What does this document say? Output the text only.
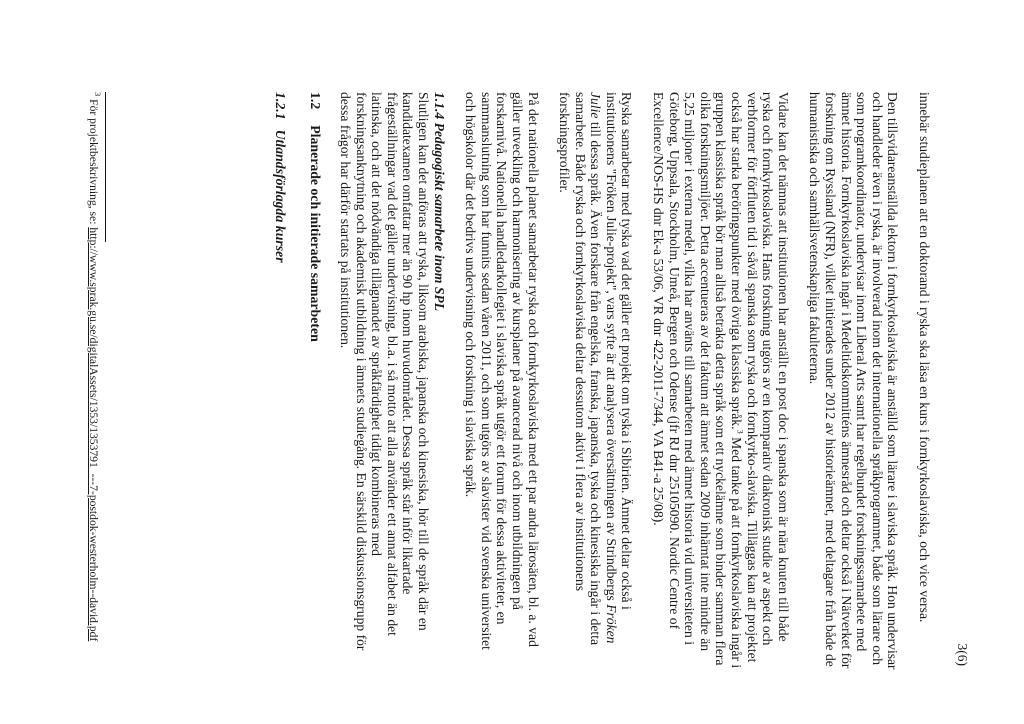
3(6)

innebär studieplanen att en doktorand i ryska ska läsa en kurs i fornkyrkoslaviska, och vice versa.

Den tillsvidareanställda lektorn i fornkyrkoslaviska är anställd som lärare i slaviska språk. Hon undervisar och handleder även i ryska, är involverad inom det internationella språkprogrammet, både som lärare och som programkoordinator, undervisar inom Liberal Arts samt har regelbundet forskningssamarbete med ämnet historia. Fornkyrkoslaviska ingår i Medeltidskommitténs ämnesråd och deltar också i Nätverket för forskning om Ryssland (NFR), vilket initierades under 2012 av historieämnet, med deltagare från både de humanistiska och samhällsvetenskapliga fakulteterna.

Vidare kan det nämnas att institutionen har anställt en post doc i spanska som är nära knuten till både ryska och fornkyrkoslaviska. Hans forskning utgörs av en komparativ diakronisk studie av aspekt och verbformer för förfluten tid i såväl spanska som ryska och fornkyrko-slaviska. Tilläggas kan att projektet också har starka beröringspunkter med övriga klassiska språk.$^3$ Med tanke på att fornkyrkoslaviska ingår i gruppen klassiska språk bör man alltså betrakta detta språk som ett nyckelämne som binder samman flera olika forskningsmiljöer. Detta accentueras av det faktum att ämnet sedan 2009 inhämtat inte mindre än 5,25 miljoner i externa medel, vilka har använts till samarbeten med ämnet historia vid universiteten i Göteborg, Uppsala, Stockholm, Umeå, Bergen och Odense (jfr RJ dnr 25105090. Nordic Centre of Excellence/NOS-HS dnr Ek-a 53/06, VR dnr 422-2011-7344, VA B41-a 25/08).

Ryska samarbetar med tyska vad det gäller ett projekt om tyska i Sibirien. Ämnet deltar också i institutionens "Fröken Julie-projekt", vars syfte är att analysera översättningen av Strindbergs Fröken Julie till dessa språk. Även forskare från engelska, franska, japanska, tyska och kinesiska ingår i detta samarbete. Både ryska och fornkyrkoslaviska deltar dessutom aktivt i flera av institutionens forskningsprofiler.

På det nationella planet samarbetar ryska och fornkyrkoslaviska med ett par andra lärosäten, bl. a. vad gäller utveckling och harmonisering av kursplaner på avancerad nivå och inom utbildningen på forskarnivå. Nationella handledarkollegiet i slaviska språk utgör ett forum för dessa aktiviteter, en sammanslutning som har funnits sedan våren 2011, och som utgörs av slavister vid svenska universitet och högskolor där det bedrivs undervisning och forskning i slaviska språk.

1.1.4 Pedagogiskt samarbete inom SPL
Slutligen kan det anföras att ryska, liksom arabiska, japanska och kinesiska, hör till de språk där en kandidatexamen omfattar mer än 90 hp inom huvudområdet. Dessa språk står inför likartade frågeställningar vad det gäller undervisning, bl.a. i så motto att alla använder ett annat alfabet än det latinska, och att det nödvändiga tillägnandet av språkfärdighet tidigt kombineras med forskningsanknytning och akademisk utbildning i ämnets studiegång. En särskild diskussionsgrupp för dessa frågor har därför startats på institutionen.

1.2
Planerade och initierade samarbeten
1.2.1
Utlandsförlagda kurser
$^3$ För projektbeskrivning, se: http://www.sprak.gu.se/digitalAssets/1353/1353791_---7-postdok-westerholm--david.pdf
